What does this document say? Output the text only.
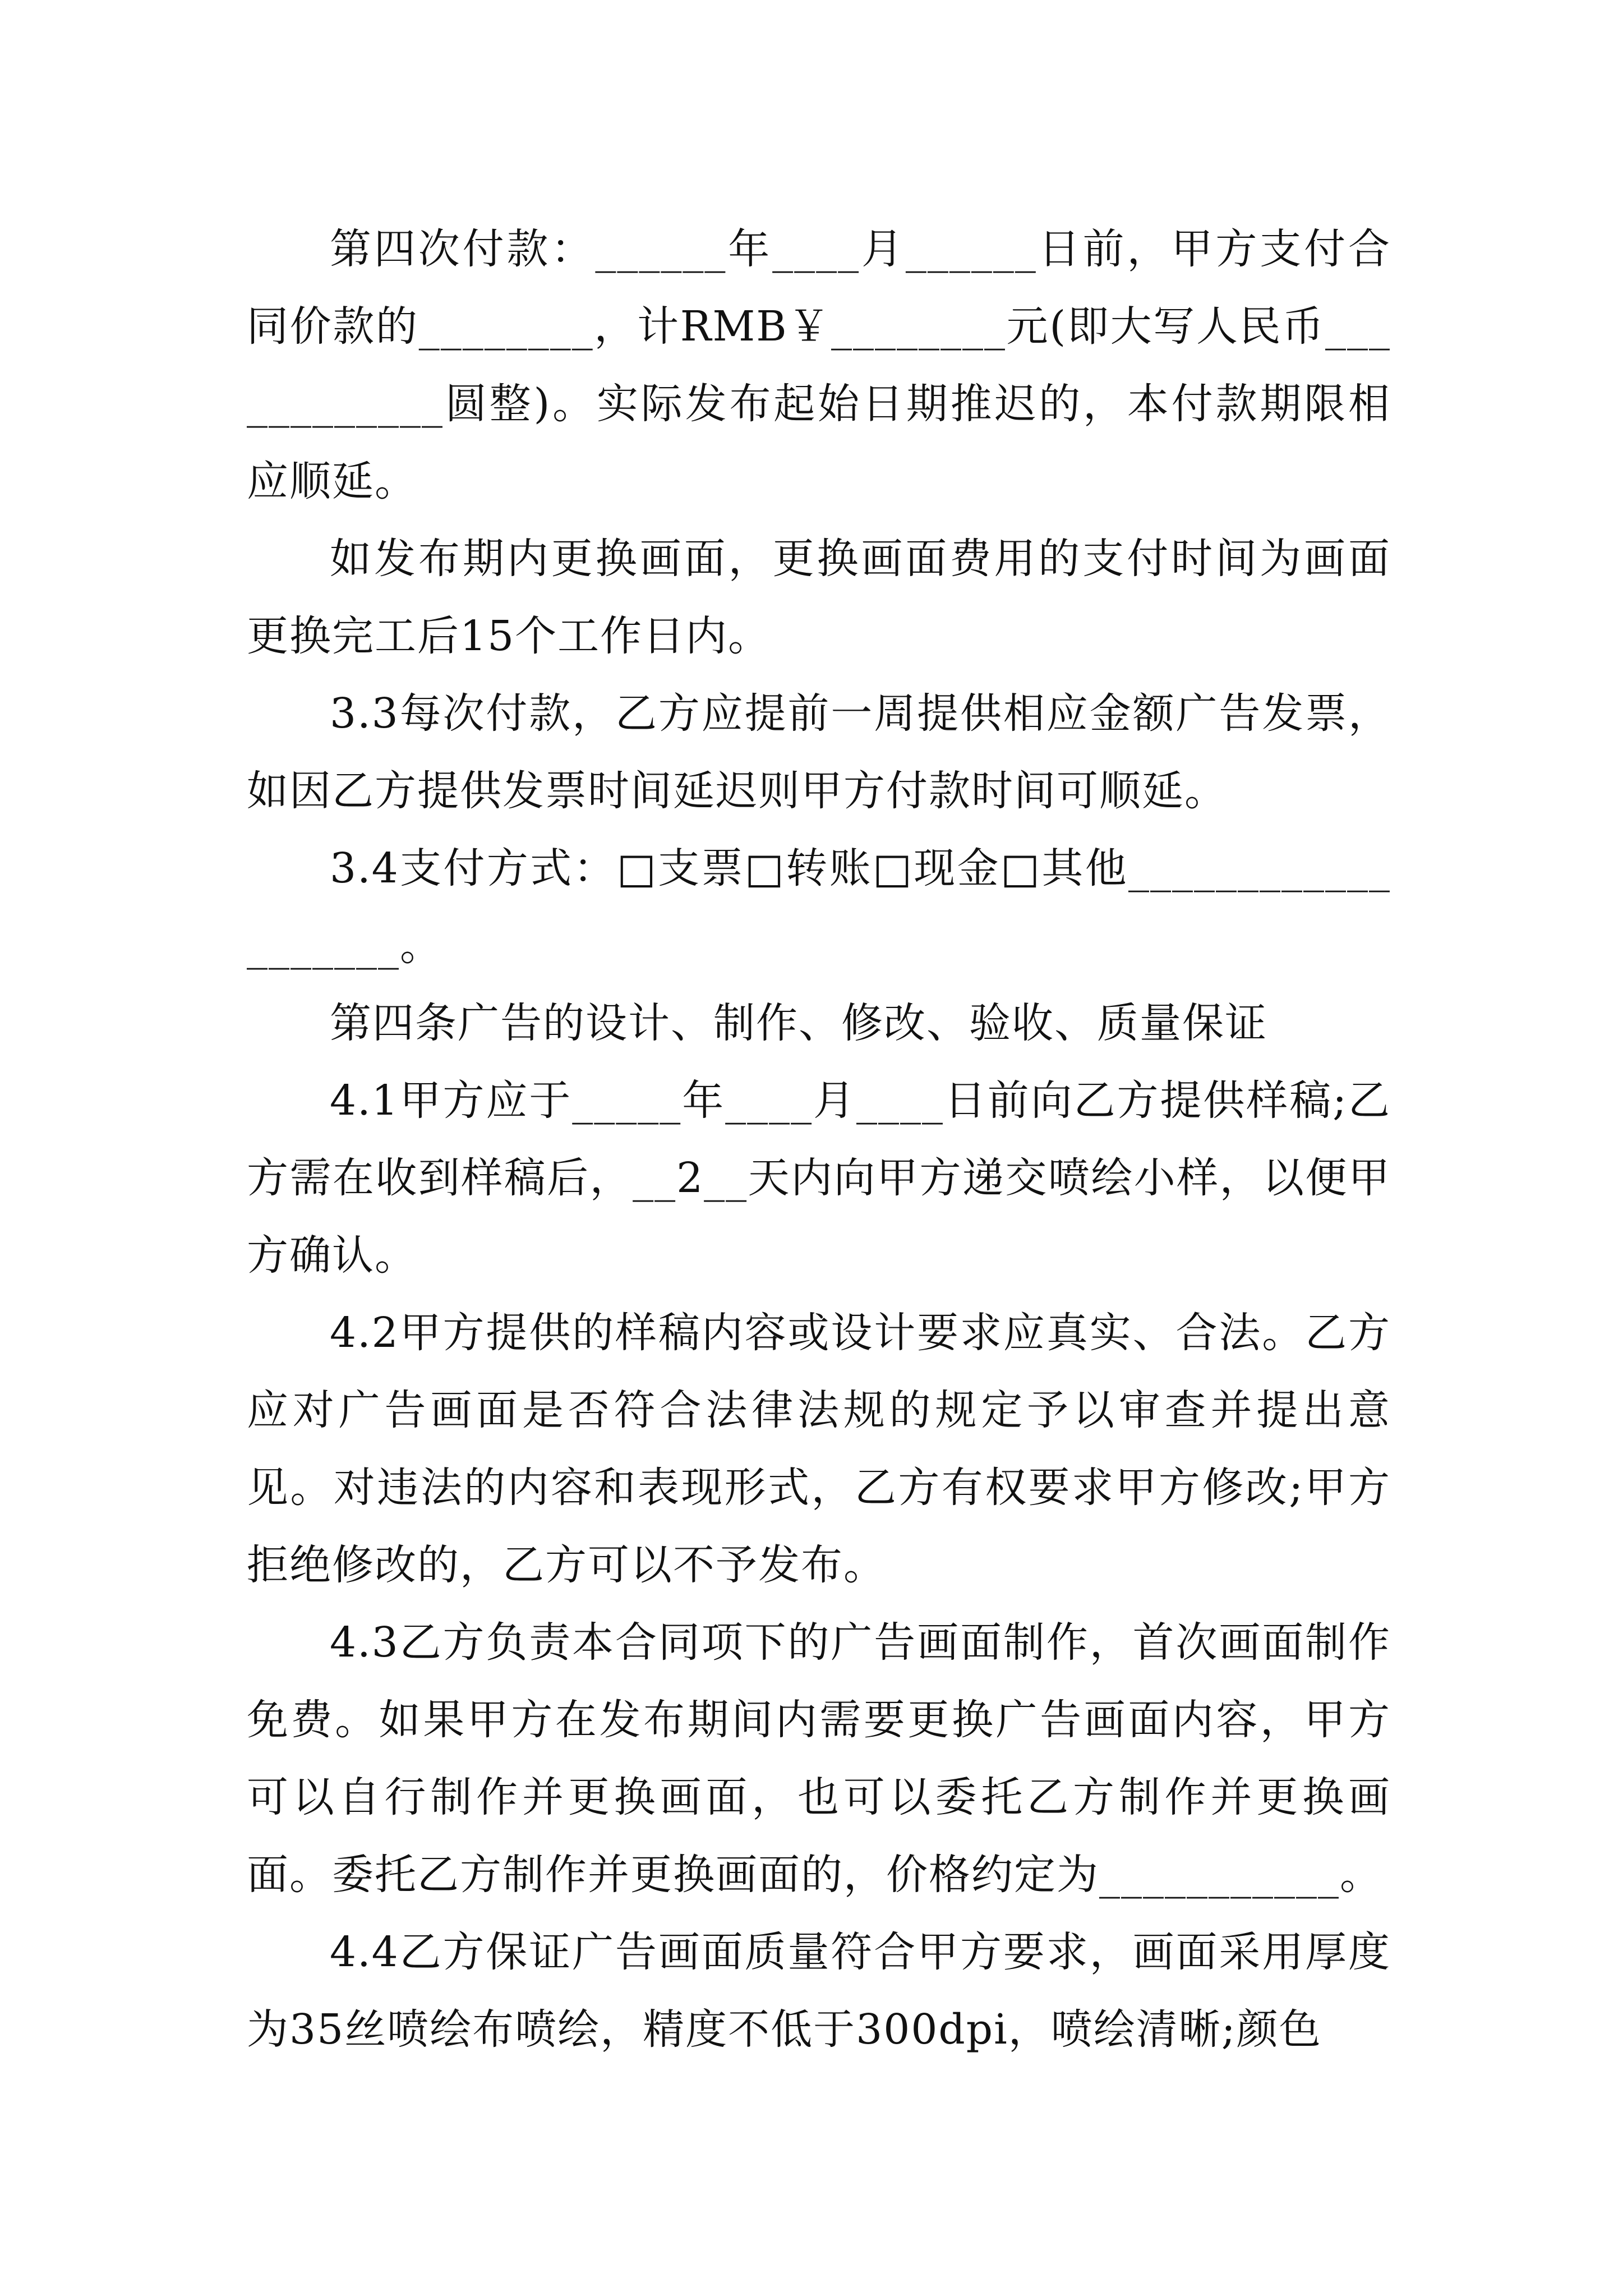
第四次付款：______年____月______日前，甲方支付合同价款的________，计RMB￥________元(即大写人民币____________圆整)。实际发布起始日期推迟的，本付款期限相应顺延。

如发布期内更换画面，更换画面费用的支付时间为画面更换完工后15个工作日内。

3.3每次付款，乙方应提前一周提供相应金额广告发票，如因乙方提供发票时间延迟则甲方付款时间可顺延。

3.4支付方式：□支票□转账□现金□其他___________________。

第四条广告的设计、制作、修改、验收、质量保证

4.1甲方应于_____年____月____日前向乙方提供样稿;乙方需在收到样稿后，__2__天内向甲方递交喷绘小样，以便甲方确认。

4.2甲方提供的样稿内容或设计要求应真实、合法。乙方应对广告画面是否符合法律法规的规定予以审查并提出意见。对违法的内容和表现形式，乙方有权要求甲方修改;甲方拒绝修改的，乙方可以不予发布。

4.3乙方负责本合同项下的广告画面制作，首次画面制作免费。如果甲方在发布期间内需要更换广告画面内容，甲方可以自行制作并更换画面，也可以委托乙方制作并更换画面。委托乙方制作并更换画面的，价格约定为___________。

4.4乙方保证广告画面质量符合甲方要求，画面采用厚度为35丝喷绘布喷绘，精度不低于300dpi，喷绘清晰;颜色
